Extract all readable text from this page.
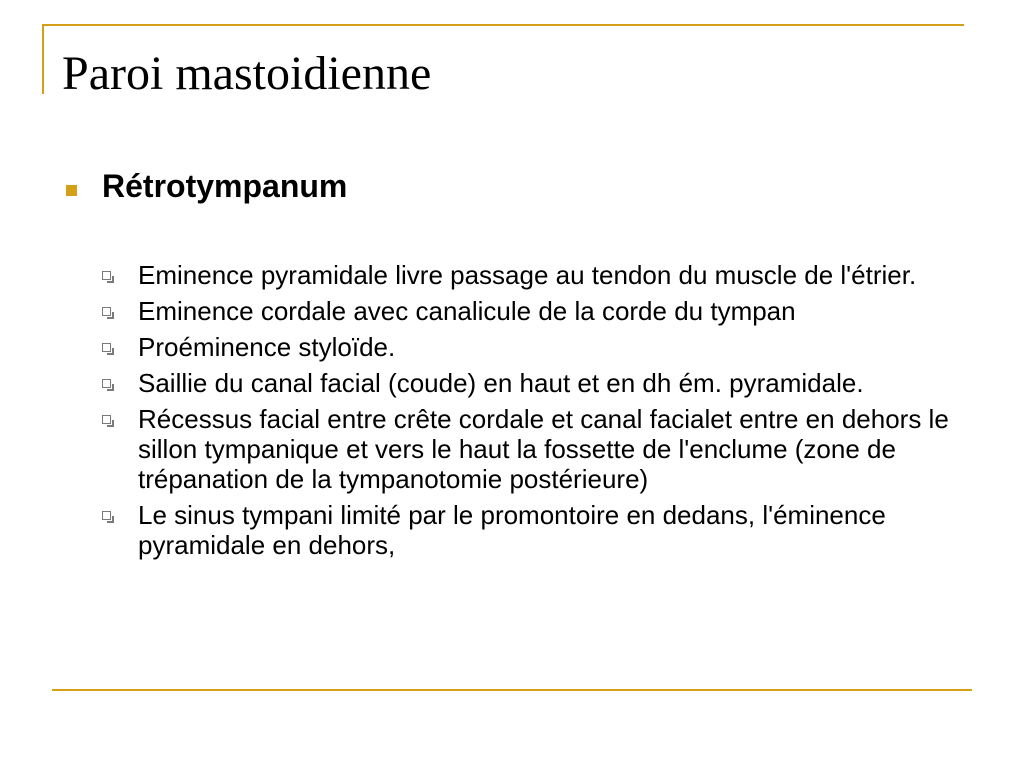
Paroi mastoidienne
Rétrotympanum
Eminence pyramidale livre passage au tendon du muscle de l'étrier.
Eminence cordale avec canalicule de la corde du tympan
Proéminence styloïde.
Saillie du canal facial (coude) en haut et en dh ém. pyramidale.
Récessus facial entre crête cordale et canal facialet entre en dehors le sillon tympanique et vers le haut la fossette de l'enclume (zone de trépanation de la tympanotomie postérieure)
Le sinus tympani limité par le promontoire en dedans, l'éminence pyramidale en dehors,
